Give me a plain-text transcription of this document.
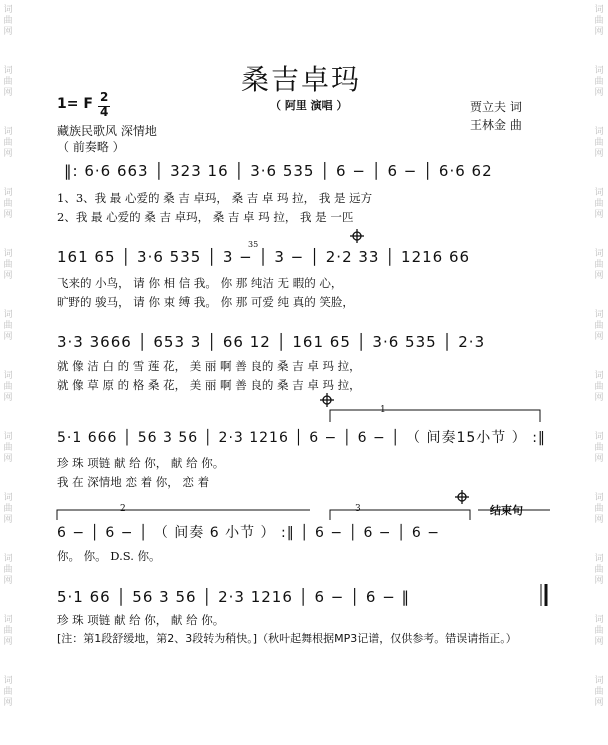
词
曲
网
词
曲
网
词
曲
网
词
曲
网
词
曲
网
词
曲
网
词
曲
网
词
曲
网
词
曲
网
词
曲
网
词
曲
网
词
曲
网
词
曲
网
词
曲
网
词
曲
网
词
曲
网
词
曲
网
词
曲
网
词
曲
网
词
曲
网
词
曲
网
词
曲
网
词
曲
网
词
曲
网
桑吉卓玛
1= F 2
4	（ 阿里 演唱 ）	贾立夫 词
王林金 曲
藏族民歌风 深情地
（ 前奏略 ）
‖: 6·6 663 │ 323 16 │ 3·6 535 │ 6 − │ 6 − │ 6·6 62
1、3、我 最 心爱的 桑 吉 卓玛， 桑 吉 卓 玛 拉， 我 是 远方
2、我 最 心爱的 桑 吉 卓玛， 桑 吉 卓 玛 拉， 我 是 一匹
161 65 │ 3·6 535 │ 3 − │ 3 − │ 2·2 33 │ 1216 66
飞来的 小鸟， 请 你 相 信 我。 你 那 纯洁 无 暇的 心，
旷野的 骏马， 请 你 束 缚 我。 你 那 可爱 纯 真的 笑脸，
35
3·3 3666 │ 653 3 │ 66 12 │ 161 65 │ 3·6 535 │ 2·3
就 像 洁 白 的 雪 莲 花， 美 丽 啊 善 良的 桑 吉 卓 玛 拉，
就 像 草 原 的 格 桑 花， 美 丽 啊 善 良的 桑 吉 卓 玛 拉，
5·1 666 │ 56 3 56 │ 2·3 1216 │ 6 − │ 6 − │ （ 间奏15小节 ） :‖
珍 珠 项链 献 给 你， 献 给 你。
我 在 深情地 恋 着 你， 恋 着
1
2	3	结束句
6 − │ 6 − │ （ 间奏 6 小节 ） :‖ │ 6 − │ 6 − │ 6 −
你。 你。 D.S. 你。
5·1 66 │ 56 3 56 │ 2·3 1216 │ 6 − │ 6 − ‖
珍 珠 项链 献 给 你， 献 给 你。
[注：第1段舒缓地，第2、3段转为稍快。]（秋叶起舞根据MP3记谱，仅供参考。错误请指正。）
